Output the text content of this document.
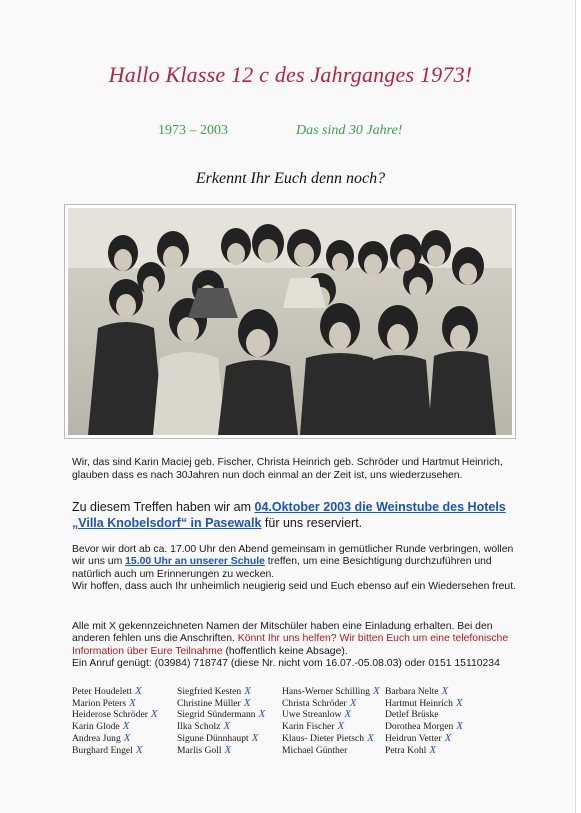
Hallo Klasse 12 c des Jahrganges 1973!
1973 – 2003	Das sind 30 Jahre!
Erkennt Ihr Euch denn noch?
Wir, das sind Karin Maciej geb. Fischer, Christa Heinrich geb. Schröder und Hartmut Heinrich, glauben dass es nach 30Jahren nun doch einmal an der Zeit ist, uns wiederzusehen.
Zu diesem Treffen haben wir am 04.Oktober 2003 die Weinstube des Hotels „Villa Knobelsdorf“ in Pasewalk für uns reserviert.
Bevor wir dort ab ca. 17.00 Uhr den Abend gemeinsam in gemütlicher Runde verbringen, wollen wir uns um 15.00 Uhr an unserer Schule treffen, um eine Besichtigung durchzuführen und natürlich auch um Erinnerungen zu wecken.
Wir hoffen, dass auch Ihr unheimlich neugierig seid und Euch ebenso auf ein Wiedersehen freut.
Alle mit X gekennzeichneten Namen der Mitschüler haben eine Einladung erhalten. Bei den anderen fehlen uns die Anschriften. Könnt Ihr uns helfen? Wir bitten Euch um eine telefonische Information über Eure Teilnahme (hoffentlich keine Absage).
Ein Anruf genügt: (03984) 718747 (diese Nr. nicht vom 16.07.-05.08.03) oder 0151 15110234
Peter Houdelett X
Marion Peters X
Heiderose Schröder X
Karin Glode X
Andrea Jung X
Burghard Engel X
Siegfried Kesten X
Christine Müller X
Siegrid Sündermann X
Ilka Scholz X
Sigune Dünnhaupt X
Marlis Goll X
Hans-Werner Schilling X
Christa Schröder X
Uwe Streanlow X
Karin Fischer X
Klaus- Dieter Pietsch X
Michael Günther
Barbara Nelte X
Hartmut Heinrich X
Detlef Brüske
Dorothea Morgen X
Heidrun Vetter X
Petra Kohl X
